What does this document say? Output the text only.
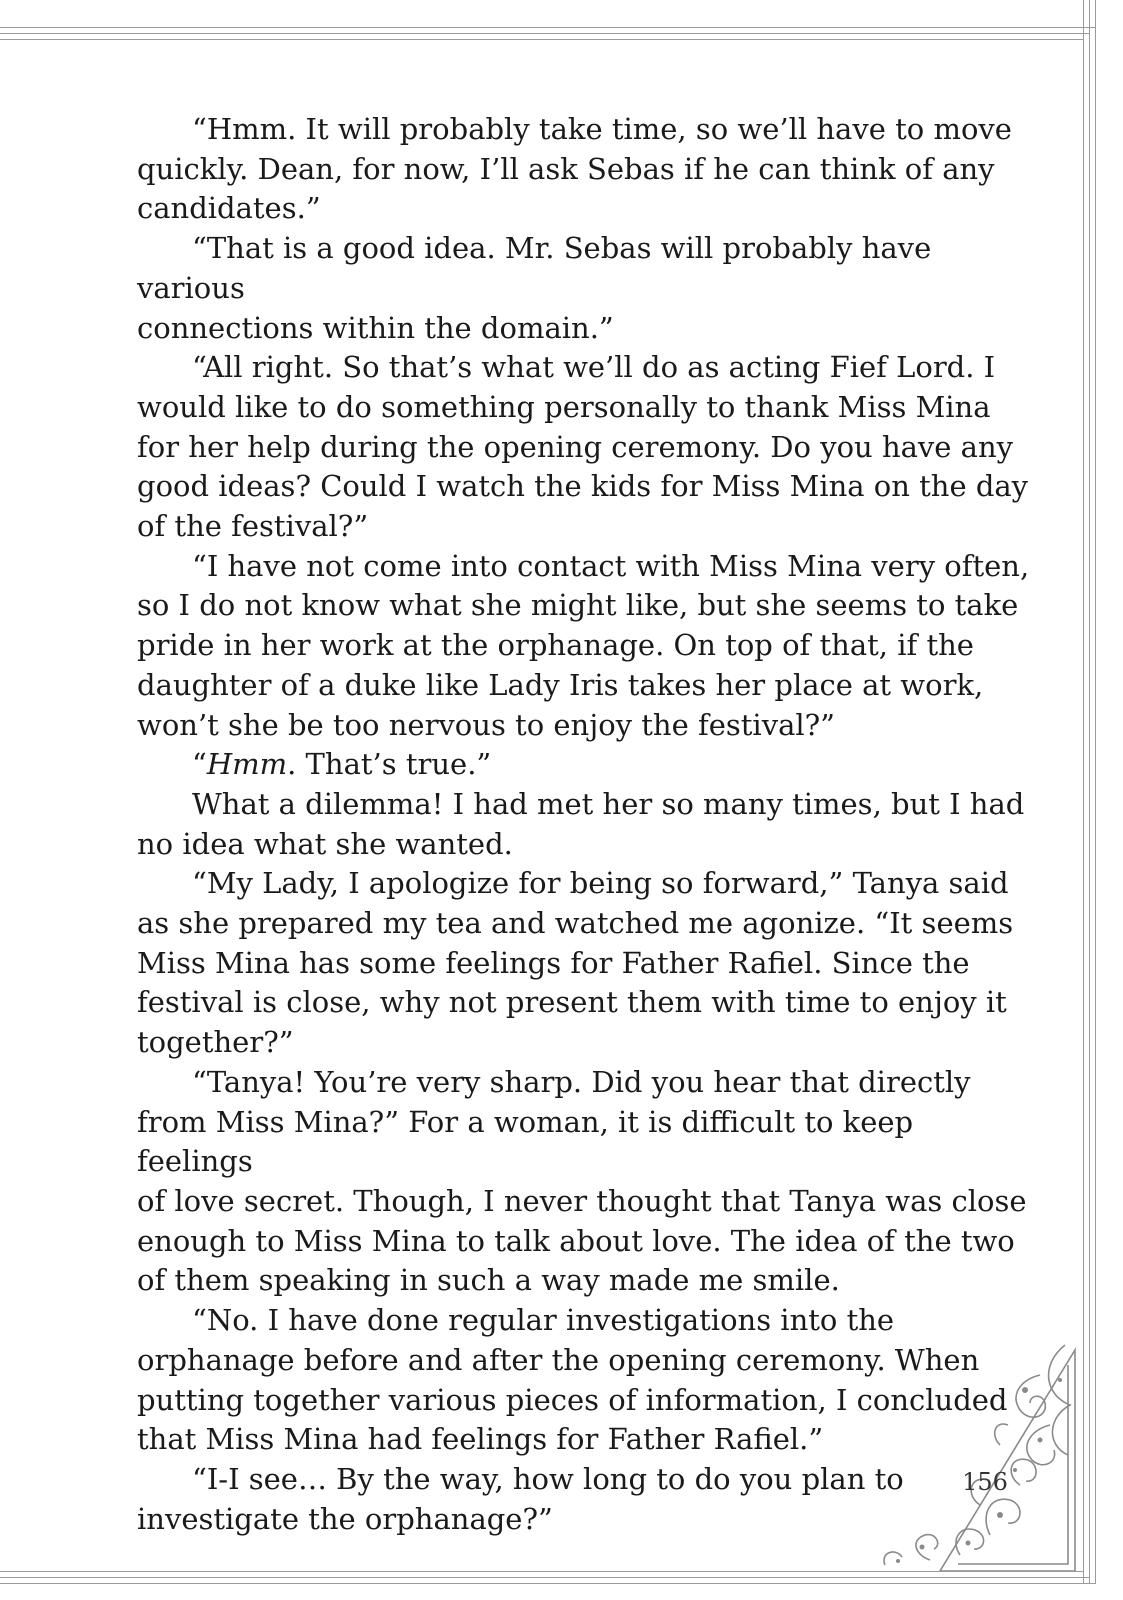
“Hmm. It will probably take time, so we’ll have to move
quickly. Dean, for now, I’ll ask Sebas if he can think of any
candidates.”

“That is a good idea. Mr. Sebas will probably have various
connections within the domain.”

“All right. So that’s what we’ll do as acting Fief Lord. I
would like to do something personally to thank Miss Mina
for her help during the opening ceremony. Do you have any
good ideas? Could I watch the kids for Miss Mina on the day
of the festival?”

“I have not come into contact with Miss Mina very often,
so I do not know what she might like, but she seems to take
pride in her work at the orphanage. On top of that, if the
daughter of a duke like Lady Iris takes her place at work,
won’t she be too nervous to enjoy the festival?”

“Hmm. That’s true.”

What a dilemma! I had met her so many times, but I had
no idea what she wanted.

“My Lady, I apologize for being so forward,” Tanya said
as she prepared my tea and watched me agonize. “It seems
Miss Mina has some feelings for Father Rafiel. Since the
festival is close, why not present them with time to enjoy it
together?”

“Tanya! You’re very sharp. Did you hear that directly
from Miss Mina?” For a woman, it is difficult to keep feelings
of love secret. Though, I never thought that Tanya was close
enough to Miss Mina to talk about love. The idea of the two
of them speaking in such a way made me smile.

“No. I have done regular investigations into the
orphanage before and after the opening ceremony. When
putting together various pieces of information, I concluded
that Miss Mina had feelings for Father Rafiel.”

“I-I see… By the way, how long to do you plan to
investigate the orphanage?”

156
